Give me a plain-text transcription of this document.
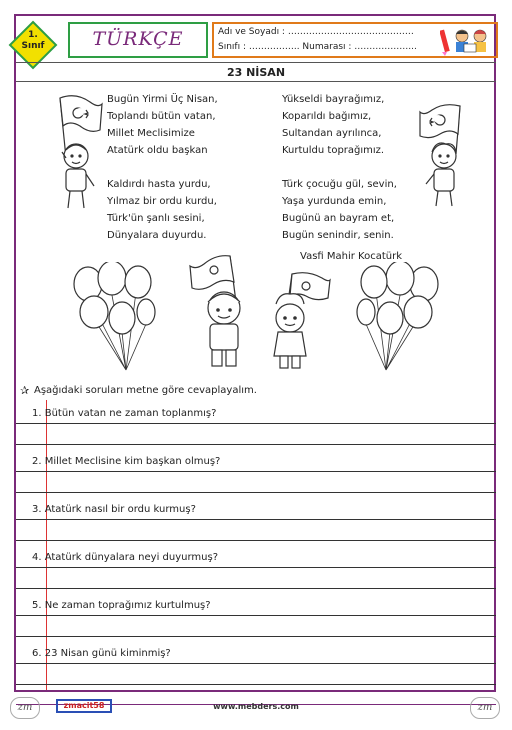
1.
Sınıf	TÜRKÇE	Adı ve Soyadı : ……………………………………
Sınıfı : …………….. Numarası : ………………...
23 NİSAN
Bugün Yirmi Üç Nisan,
Toplandı bütün vatan,
Millet Meclisimize
Atatürk oldu başkan
Kaldırdı hasta yurdu,
Yılmaz bir ordu kurdu,
Türk'ün şanlı sesini,
Dünyalara duyurdu.
Yükseldi bayrağımız,
Koparıldı bağımız,
Sultandan ayrılınca,
Kurtuldu toprağımız.
Türk çocuğu gül, sevin,
Yaşa yurdunda emin,
Bugünü an bayram et,
Bugün senindir, senin.
Vasfi Mahir Kocatürk
✰ Aşağıdaki soruları metne göre cevaplayalım.
1. Bütün vatan ne zaman toplanmış?
2. Millet Meclisine kim başkan olmuş?
3. Atatürk nasıl bir ordu kurmuş?
4. Atatürk dünyalara neyi duyurmuş?
5. Ne zaman toprağımız kurtulmuş?
6. 23 Nisan günü kiminmiş?
zm	zmacit58	www.mebders.com	zm
